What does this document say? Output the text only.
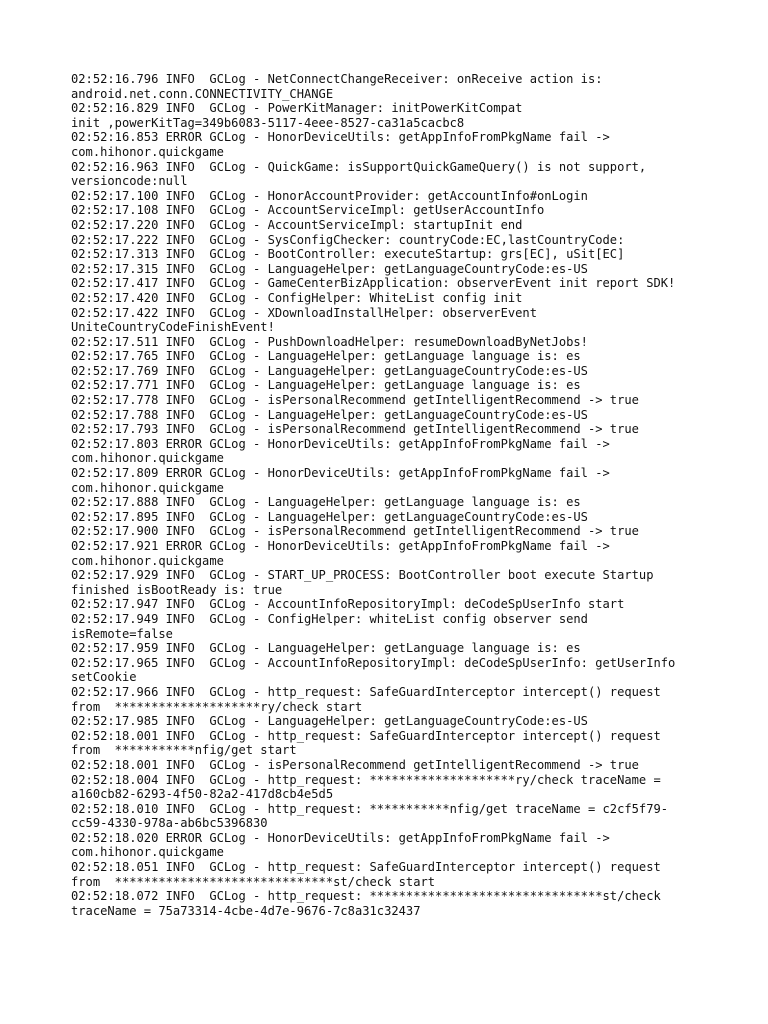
02:52:16.796 INFO  GCLog - NetConnectChangeReceiver: onReceive action is:
android.net.conn.CONNECTIVITY_CHANGE
02:52:16.829 INFO  GCLog - PowerKitManager: initPowerKitCompat
init ,powerKitTag=349b6083-5117-4eee-8527-ca31a5cacbc8
02:52:16.853 ERROR GCLog - HonorDeviceUtils: getAppInfoFromPkgName fail ->
com.hihonor.quickgame
02:52:16.963 INFO  GCLog - QuickGame: isSupportQuickGameQuery() is not support,
versioncode:null
02:52:17.100 INFO  GCLog - HonorAccountProvider: getAccountInfo#onLogin
02:52:17.108 INFO  GCLog - AccountServiceImpl: getUserAccountInfo
02:52:17.220 INFO  GCLog - AccountServiceImpl: startupInit end
02:52:17.222 INFO  GCLog - SysConfigChecker: countryCode:EC,lastCountryCode:
02:52:17.313 INFO  GCLog - BootController: executeStartup: grs[EC], uSit[EC]
02:52:17.315 INFO  GCLog - LanguageHelper: getLanguageCountryCode:es-US
02:52:17.417 INFO  GCLog - GameCenterBizApplication: observerEvent init report SDK!
02:52:17.420 INFO  GCLog - ConfigHelper: WhiteList config init
02:52:17.422 INFO  GCLog - XDownloadInstallHelper: observerEvent
UniteCountryCodeFinishEvent!
02:52:17.511 INFO  GCLog - PushDownloadHelper: resumeDownloadByNetJobs!
02:52:17.765 INFO  GCLog - LanguageHelper: getLanguage language is: es
02:52:17.769 INFO  GCLog - LanguageHelper: getLanguageCountryCode:es-US
02:52:17.771 INFO  GCLog - LanguageHelper: getLanguage language is: es
02:52:17.778 INFO  GCLog - isPersonalRecommend getIntelligentRecommend -> true
02:52:17.788 INFO  GCLog - LanguageHelper: getLanguageCountryCode:es-US
02:52:17.793 INFO  GCLog - isPersonalRecommend getIntelligentRecommend -> true
02:52:17.803 ERROR GCLog - HonorDeviceUtils: getAppInfoFromPkgName fail ->
com.hihonor.quickgame
02:52:17.809 ERROR GCLog - HonorDeviceUtils: getAppInfoFromPkgName fail ->
com.hihonor.quickgame
02:52:17.888 INFO  GCLog - LanguageHelper: getLanguage language is: es
02:52:17.895 INFO  GCLog - LanguageHelper: getLanguageCountryCode:es-US
02:52:17.900 INFO  GCLog - isPersonalRecommend getIntelligentRecommend -> true
02:52:17.921 ERROR GCLog - HonorDeviceUtils: getAppInfoFromPkgName fail ->
com.hihonor.quickgame
02:52:17.929 INFO  GCLog - START_UP_PROCESS: BootController boot execute Startup
finished isBootReady is: true
02:52:17.947 INFO  GCLog - AccountInfoRepositoryImpl: deCodeSpUserInfo start
02:52:17.949 INFO  GCLog - ConfigHelper: whiteList config observer send
isRemote=false
02:52:17.959 INFO  GCLog - LanguageHelper: getLanguage language is: es
02:52:17.965 INFO  GCLog - AccountInfoRepositoryImpl: deCodeSpUserInfo: getUserInfo
setCookie
02:52:17.966 INFO  GCLog - http_request: SafeGuardInterceptor intercept() request
from  ********************ry/check start
02:52:17.985 INFO  GCLog - LanguageHelper: getLanguageCountryCode:es-US
02:52:18.001 INFO  GCLog - http_request: SafeGuardInterceptor intercept() request
from  ***********nfig/get start
02:52:18.001 INFO  GCLog - isPersonalRecommend getIntelligentRecommend -> true
02:52:18.004 INFO  GCLog - http_request: ********************ry/check traceName =
a160cb82-6293-4f50-82a2-417d8cb4e5d5
02:52:18.010 INFO  GCLog - http_request: ***********nfig/get traceName = c2cf5f79-
cc59-4330-978a-ab6bc5396830
02:52:18.020 ERROR GCLog - HonorDeviceUtils: getAppInfoFromPkgName fail ->
com.hihonor.quickgame
02:52:18.051 INFO  GCLog - http_request: SafeGuardInterceptor intercept() request
from  ******************************st/check start
02:52:18.072 INFO  GCLog - http_request: ********************************st/check
traceName = 75a73314-4cbe-4d7e-9676-7c8a31c32437
